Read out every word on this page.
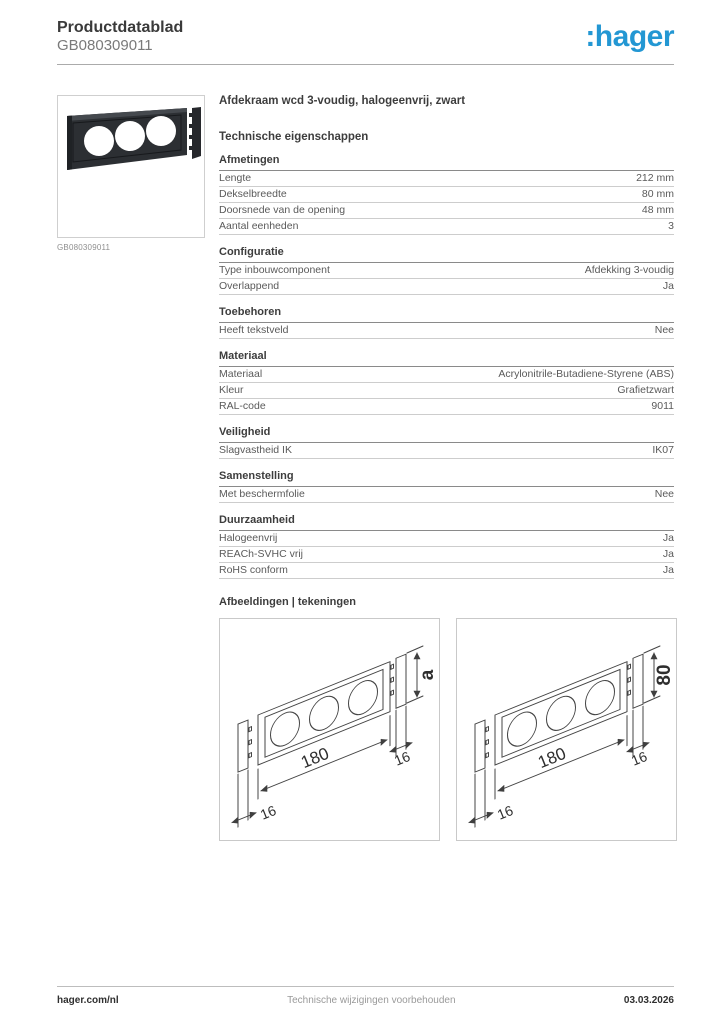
Productdatablad
GB080309011	:hager
GB080309011
Afdekraam wcd 3-voudig, halogeenvrij, zwart
Technische eigenschappen
Afmetingen
Lengte	212 mm
Dekselbreedte	80 mm
Doorsnede van de opening	48 mm
Aantal eenheden	3
Configuratie
Type inbouwcomponent	Afdekking 3-voudig
Overlappend	Ja
Toebehoren
Heeft tekstveld	Nee
Materiaal
Materiaal	Acrylonitrile-Butadiene-Styrene (ABS)
Kleur	Grafietzwart
RAL-code	9011
Veiligheid
Slagvastheid IK	IK07
Samenstelling
Met beschermfolie	Nee
Duurzaamheid
Halogeenvrij	Ja
REACh-SVHC vrij	Ja
RoHS conform	Ja
Afbeeldingen | tekeningen
180
16
16
a
180
16
16
80
hager.com/nl	Technische wijzigingen voorbehouden	03.03.2026
